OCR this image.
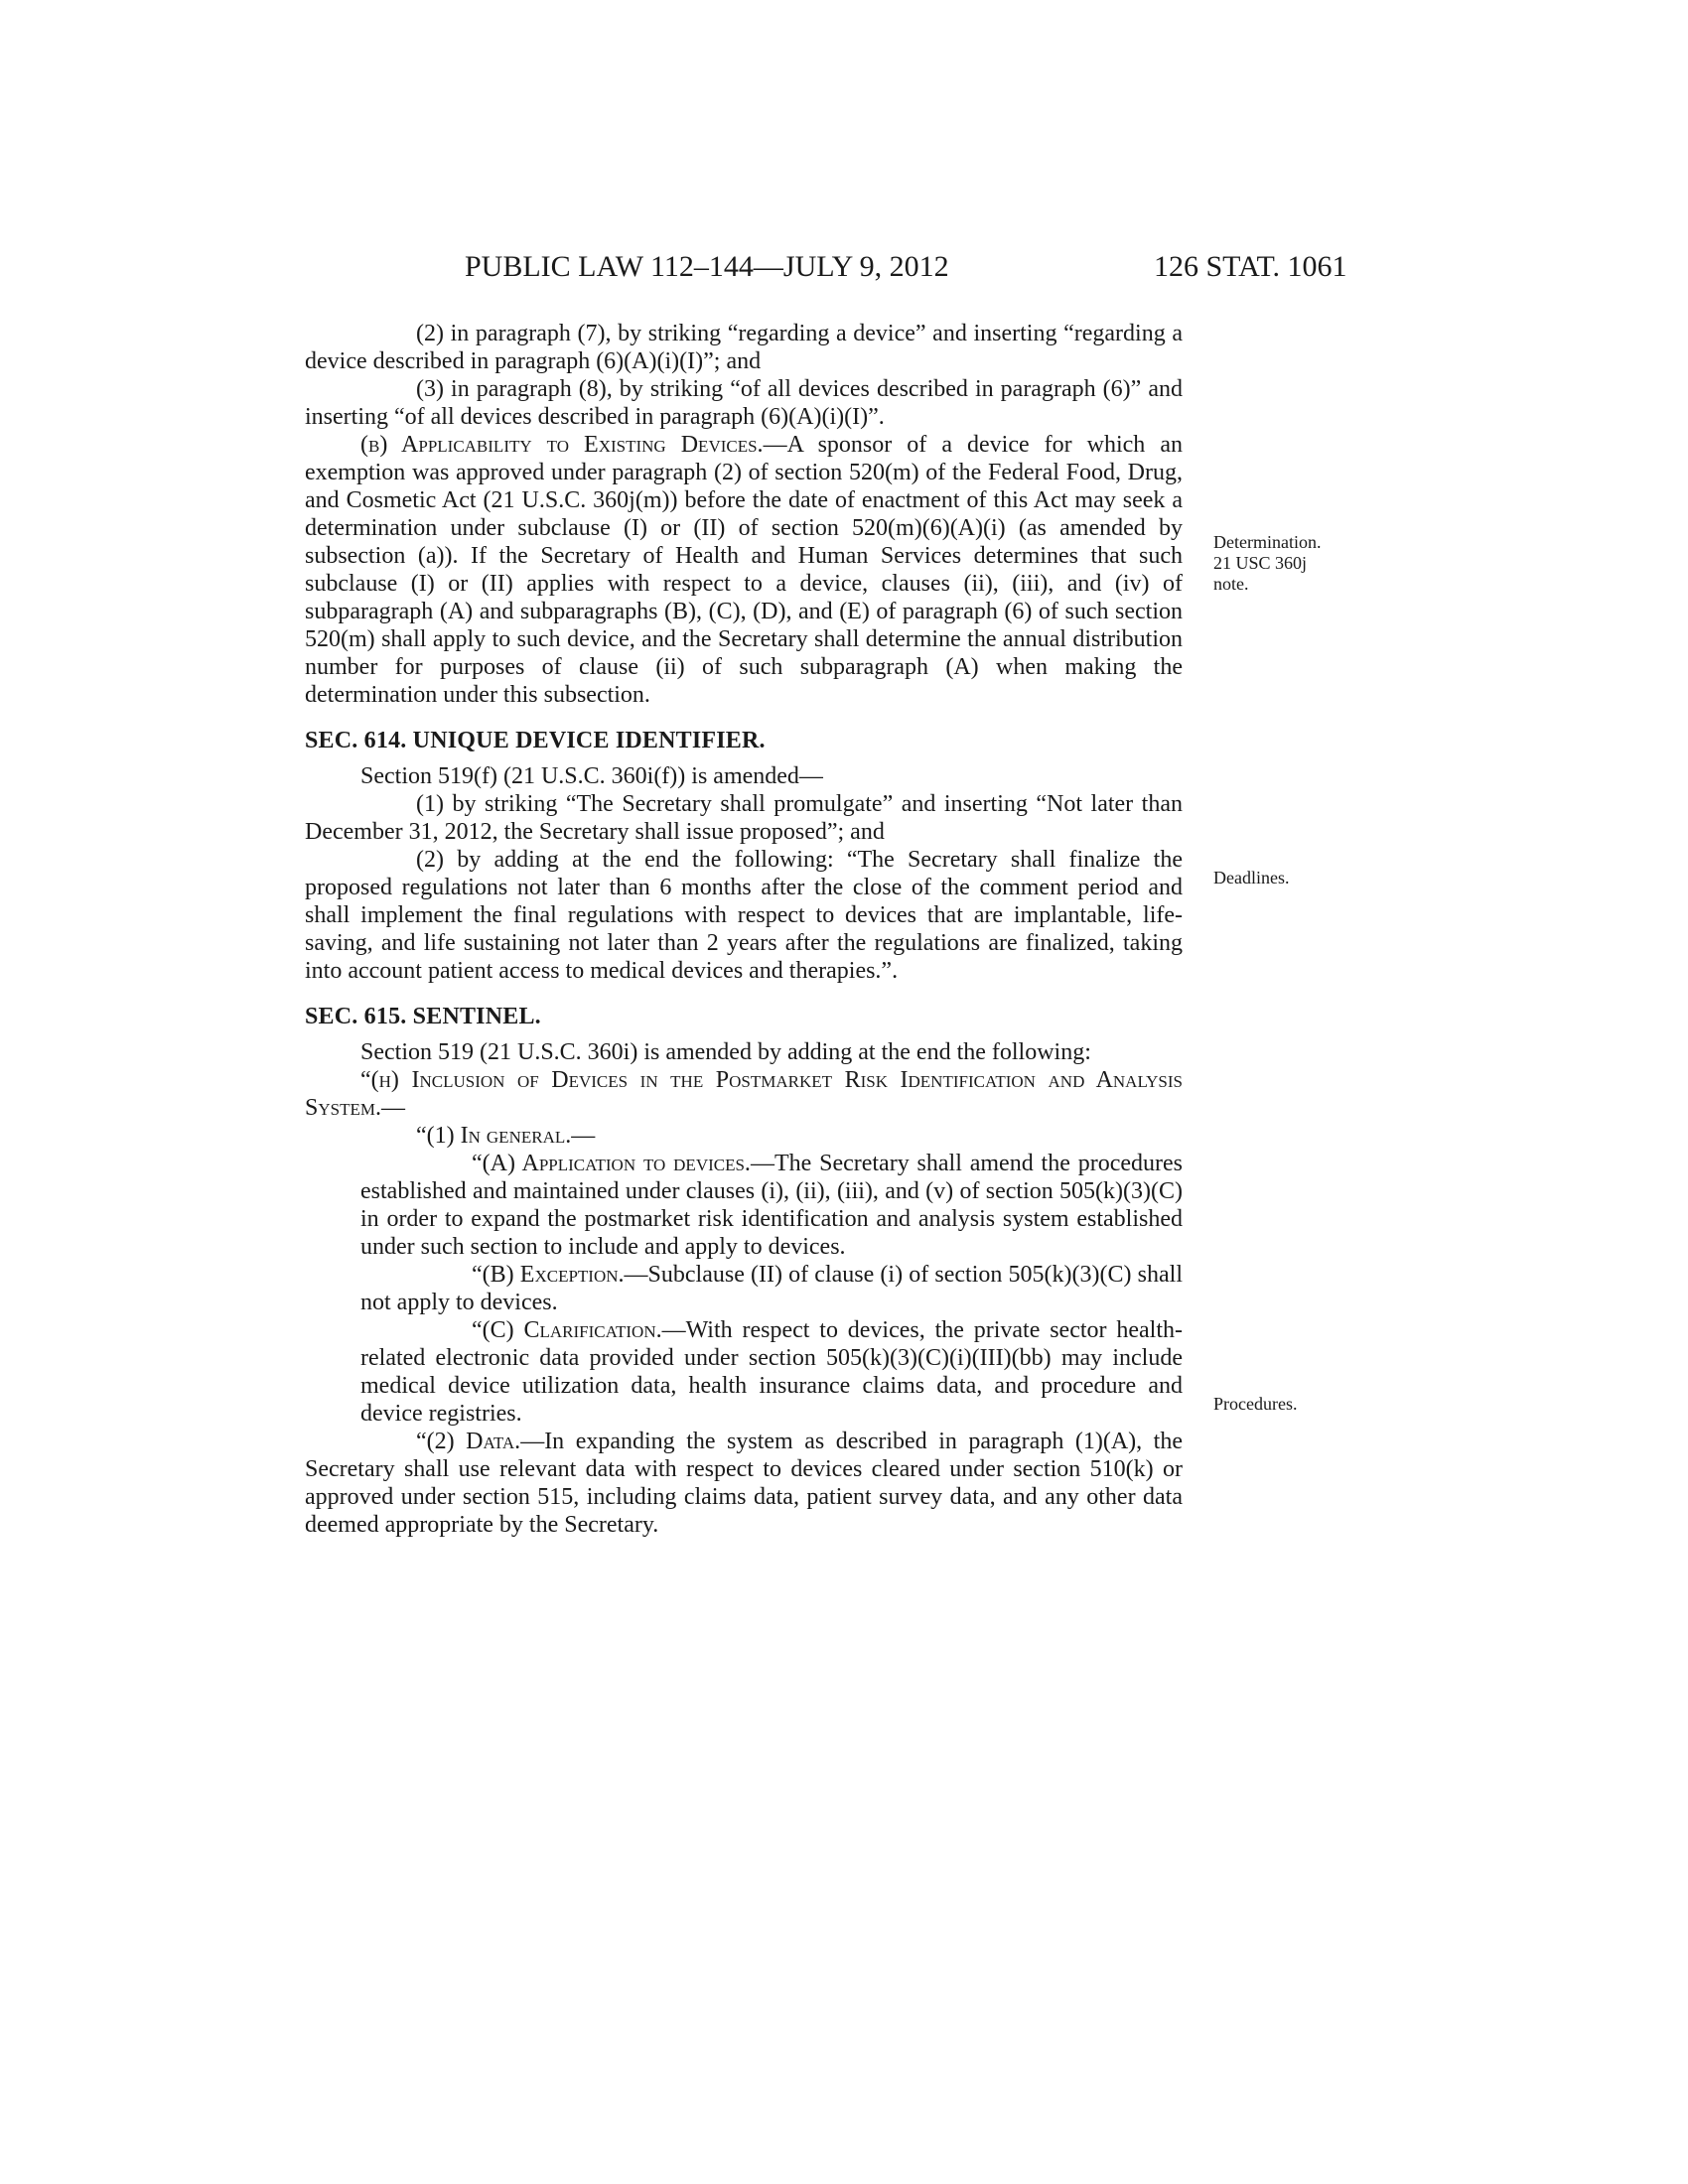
PUBLIC LAW 112–144—JULY 9, 2012	126 STAT. 1061
Determination.
21 USC 360j
note.
Deadlines.
Procedures.

(2) in paragraph (7), by striking “regarding a device” and inserting “regarding a device described in paragraph (6)(A)(i)(I)”; and

(3) in paragraph (8), by striking “of all devices described in paragraph (6)” and inserting “of all devices described in paragraph (6)(A)(i)(I)”.

(b) Applicability to Existing Devices.—A sponsor of a device for which an exemption was approved under paragraph (2) of section 520(m) of the Federal Food, Drug, and Cosmetic Act (21 U.S.C. 360j(m)) before the date of enactment of this Act may seek a determination under subclause (I) or (II) of section 520(m)(6)(A)(i) (as amended by subsection (a)). If the Secretary of Health and Human Services determines that such subclause (I) or (II) applies with respect to a device, clauses (ii), (iii), and (iv) of subparagraph (A) and subparagraphs (B), (C), (D), and (E) of paragraph (6) of such section 520(m) shall apply to such device, and the Secretary shall determine the annual distribution number for purposes of clause (ii) of such subparagraph (A) when making the determination under this subsection.

SEC. 614. UNIQUE DEVICE IDENTIFIER.

Section 519(f) (21 U.S.C. 360i(f)) is amended—

(1) by striking “The Secretary shall promulgate” and inserting “Not later than December 31, 2012, the Secretary shall issue proposed”; and

(2) by adding at the end the following: “The Secretary shall finalize the proposed regulations not later than 6 months after the close of the comment period and shall implement the final regulations with respect to devices that are implantable, life-saving, and life sustaining not later than 2 years after the regulations are finalized, taking into account patient access to medical devices and therapies.”.

SEC. 615. SENTINEL.

Section 519 (21 U.S.C. 360i) is amended by adding at the end the following:

“(h) Inclusion of Devices in the Postmarket Risk Identification and Analysis System.—

“(1) In general.—

“(A) Application to devices.—The Secretary shall amend the procedures established and maintained under clauses (i), (ii), (iii), and (v) of section 505(k)(3)(C) in order to expand the postmarket risk identification and analysis system established under such section to include and apply to devices.

“(B) Exception.—Subclause (II) of clause (i) of section 505(k)(3)(C) shall not apply to devices.

“(C) Clarification.—With respect to devices, the private sector health-related electronic data provided under section 505(k)(3)(C)(i)(III)(bb) may include medical device utilization data, health insurance claims data, and procedure and device registries.

“(2) Data.—In expanding the system as described in paragraph (1)(A), the Secretary shall use relevant data with respect to devices cleared under section 510(k) or approved under section 515, including claims data, patient survey data, and any other data deemed appropriate by the Secretary.
